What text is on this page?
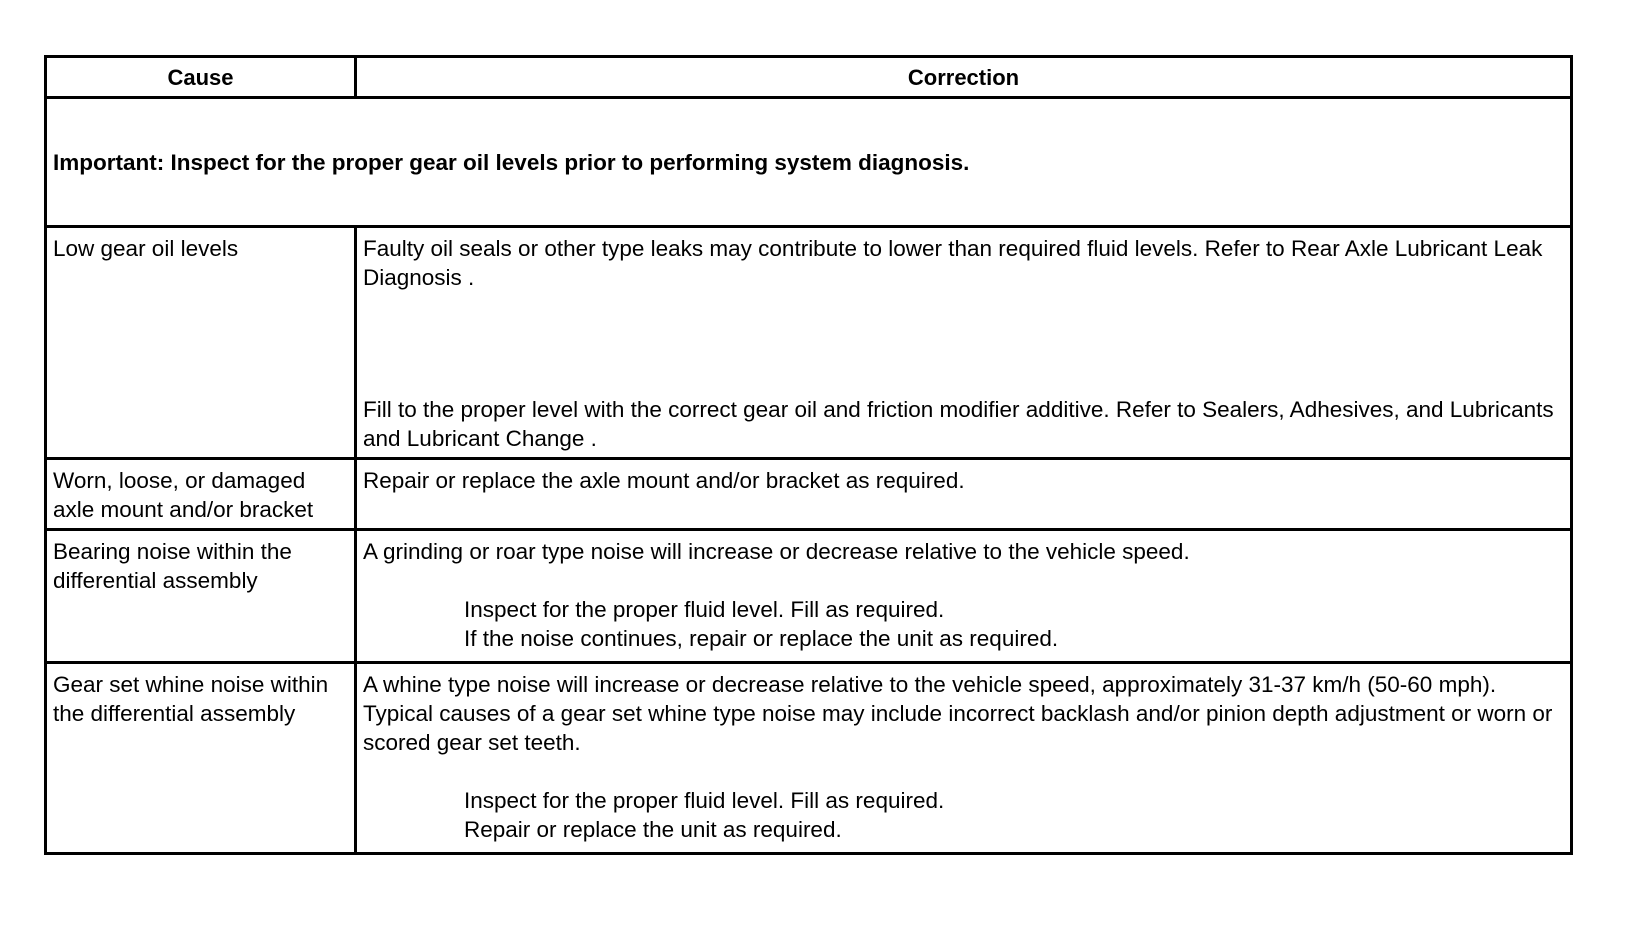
Cause	Correction
Important: Inspect for the proper gear oil levels prior to performing system diagnosis.	

Low gear oil levels	Faulty oil seals or other type leaks may contribute to lower than required fluid levels. Refer to Rear Axle Lubricant Leak Diagnosis .

Fill to the proper level with the correct gear oil and friction modifier additive. Refer to Sealers, Adhesives, and Lubricants and Lubricant Change .

Worn, loose, or damaged axle mount and/or bracket	Repair or replace the axle mount and/or bracket as required.

Bearing noise within the differential assembly	A grinding or roar type noise will increase or decrease relative to the vehicle speed.

Inspect for the proper fluid level. Fill as required.

If the noise continues, repair or replace the unit as required.

Gear set whine noise within the differential assembly	A whine type noise will increase or decrease relative to the vehicle speed, approximately 31-37 km/h (50-60 mph). Typical causes of a gear set whine type noise may include incorrect backlash and/or pinion depth adjustment or worn or scored gear set teeth.

Inspect for the proper fluid level. Fill as required.

Repair or replace the unit as required.
